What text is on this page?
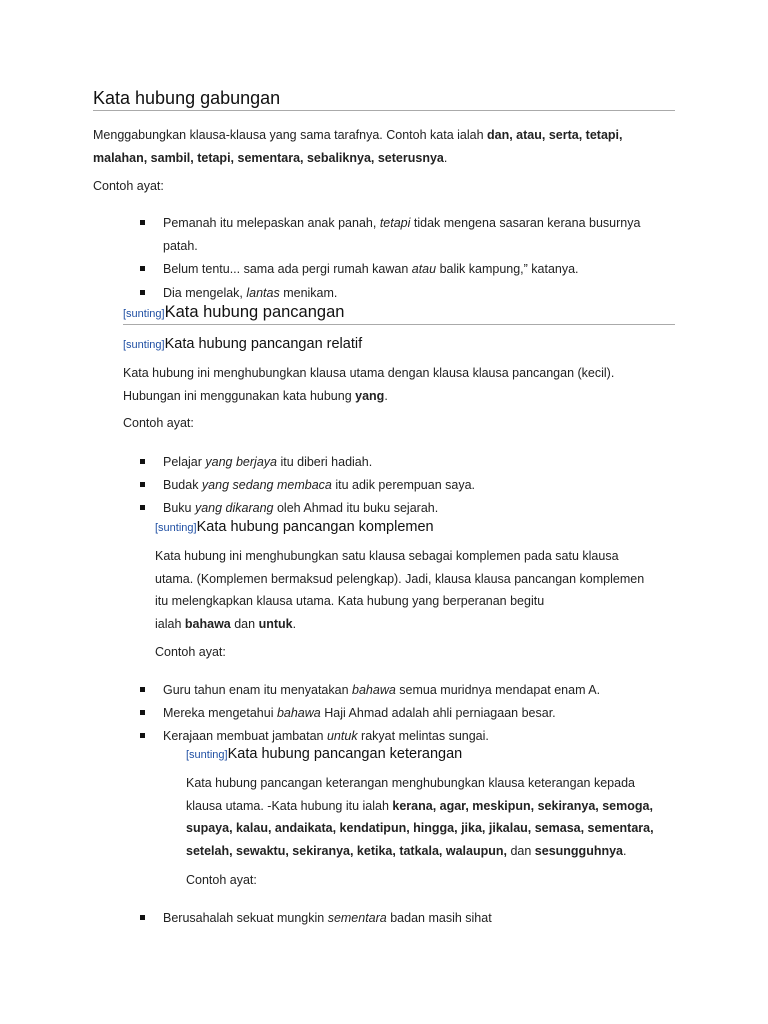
Kata hubung gabungan
Menggabungkan klausa-klausa yang sama tarafnya. Contoh kata ialah dan, atau, serta, tetapi,
malahan, sambil, tetapi, sementara, sebaliknya, seterusnya.
Contoh ayat:
Pemanah itu melepaskan anak panah, tetapi tidak mengena sasaran kerana busurnya
patah.
Belum tentu... sama ada pergi rumah kawan atau balik kampung,” katanya.
Dia mengelak, lantas menikam.
[sunting]Kata hubung pancangan
[sunting]Kata hubung pancangan relatif
Kata hubung ini menghubungkan klausa utama dengan klausa klausa pancangan (kecil).
Hubungan ini menggunakan kata hubung yang.
Contoh ayat:
Pelajar yang berjaya itu diberi hadiah.
Budak yang sedang membaca itu adik perempuan saya.
Buku yang dikarang oleh Ahmad itu buku sejarah.
[sunting]Kata hubung pancangan komplemen
Kata hubung ini menghubungkan satu klausa sebagai komplemen pada satu klausa
utama. (Komplemen bermaksud pelengkap). Jadi, klausa klausa pancangan komplemen
itu melengkapkan klausa utama. Kata hubung yang berperanan begitu
ialah bahawa dan untuk.
Contoh ayat:
Guru tahun enam itu menyatakan bahawa semua muridnya mendapat enam A.
Mereka mengetahui bahawa Haji Ahmad adalah ahli perniagaan besar.
Kerajaan membuat jambatan untuk rakyat melintas sungai.
[sunting]Kata hubung pancangan keterangan
Kata hubung pancangan keterangan menghubungkan klausa keterangan kepada
klausa utama. -Kata hubung itu ialah kerana, agar, meskipun, sekiranya, semoga,
supaya, kalau, andaikata, kendatipun, hingga, jika, jikalau, semasa, sementara,
setelah, sewaktu, sekiranya, ketika, tatkala, walaupun, dan sesungguhnya.
Contoh ayat:
Berusahalah sekuat mungkin sementara badan masih sihat
